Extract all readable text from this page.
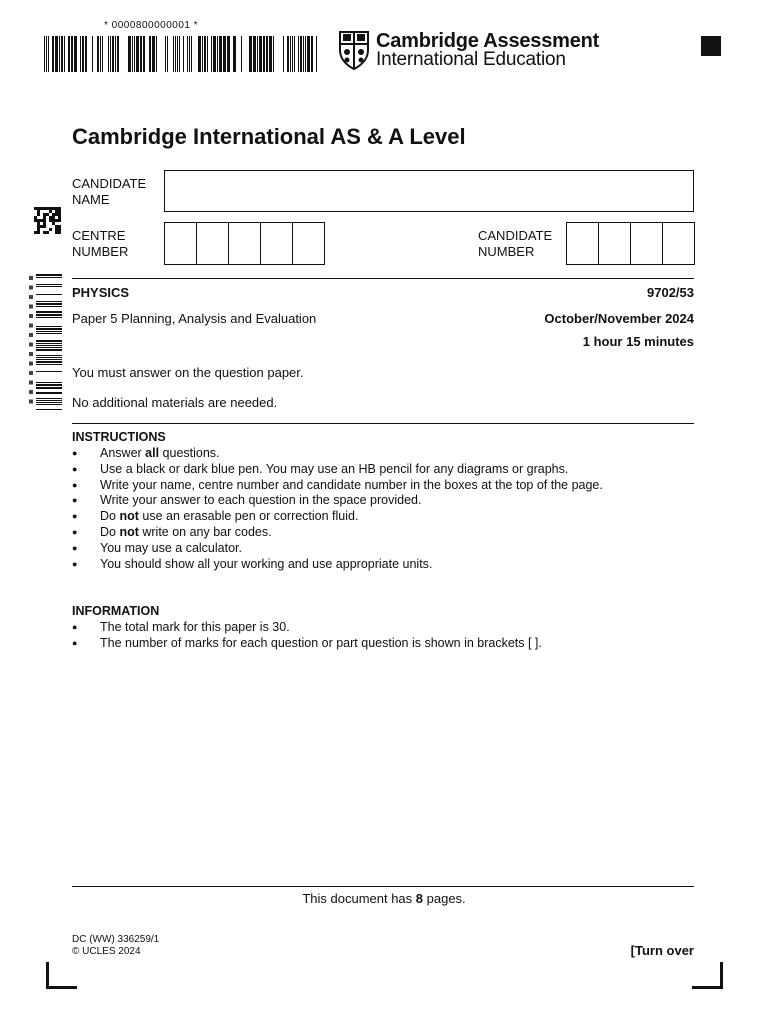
* 0000800000001 *
Cambridge Assessment
International Education
Cambridge International AS & A Level
CANDIDATE
NAME
CENTRE
NUMBER
CANDIDATE
NUMBER
PHYSICS	9702/53
Paper 5 Planning, Analysis and Evaluation	October/November 2024
1 hour 15 minutes
You must answer on the question paper.
No additional materials are needed.
INSTRUCTIONS
● Answer all questions.
● Use a black or dark blue pen. You may use an HB pencil for any diagrams or graphs.
● Write your name, centre number and candidate number in the boxes at the top of the page.
● Write your answer to each question in the space provided.
● Do not use an erasable pen or correction fluid.
● Do not write on any bar codes.
● You may use a calculator.
● You should show all your working and use appropriate units.
INFORMATION
● The total mark for this paper is 30.
● The number of marks for each question or part question is shown in brackets [ ].
This document has 8 pages.
DC (WW) 336259/1
© UCLES 2024	[Turn over
